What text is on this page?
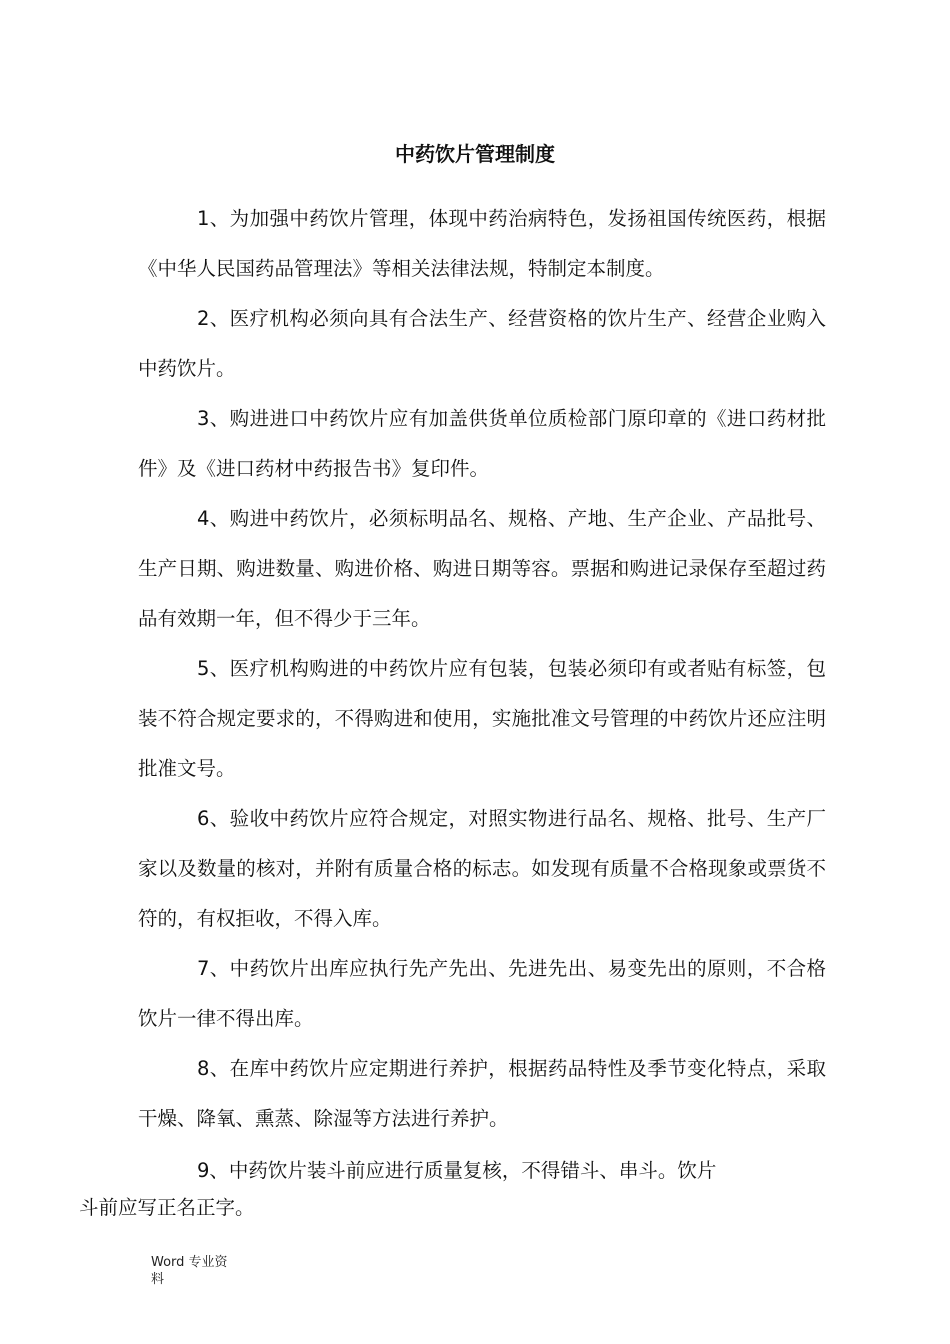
中药饮片管理制度

1、为加强中药饮片管理，体现中药治病特色，发扬祖国传统医药，根据《中华人民国药品管理法》等相关法律法规，特制定本制度。

2、医疗机构必须向具有合法生产、经营资格的饮片生产、经营企业购入中药饮片。

3、购进进口中药饮片应有加盖供货单位质检部门原印章的《进口药材批件》及《进口药材中药报告书》复印件。

4、购进中药饮片，必须标明品名、规格、产地、生产企业、产品批号、生产日期、购进数量、购进价格、购进日期等容。票据和购进记录保存至超过药品有效期一年，但不得少于三年。

5、医疗机构购进的中药饮片应有包装，包装必须印有或者贴有标签，包装不符合规定要求的，不得购进和使用，实施批准文号管理的中药饮片还应注明批准文号。

6、验收中药饮片应符合规定，对照实物进行品名、规格、批号、生产厂家以及数量的核对，并附有质量合格的标志。如发现有质量不合格现象或票货不符的，有权拒收，不得入库。

7、中药饮片出库应执行先产先出、先进先出、易变先出的原则，不合格饮片一律不得出库。

8、在库中药饮片应定期进行养护，根据药品特性及季节变化特点，采取干燥、降氧、熏蒸、除湿等方法进行养护。

9、中药饮片装斗前应进行质量复核，不得错斗、串斗。饮片
斗前应写正名正字。
Word 专业资
料
